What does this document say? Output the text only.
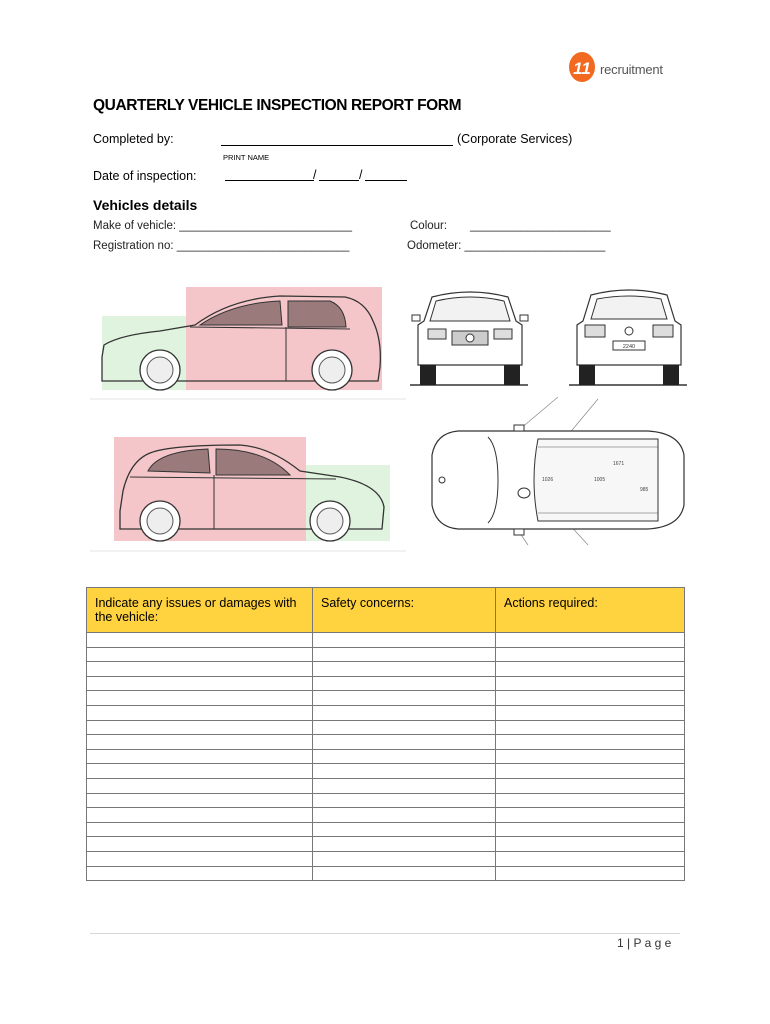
11 recruitment
QUARTERLY VEHICLE INSPECTION REPORT FORM
Completed by:	(Corporate Services)
PRINT NAME
Date of inspection:	/	/
Vehicles details
Make of vehicle: ___________________________	Colour: ______________________
Registration no: ___________________________	Odometer: ______________________
2240
1671
1005
1026
985
Indicate any issues or damages with the vehicle:	Safety concerns:	Actions required:

1 | P a g e
